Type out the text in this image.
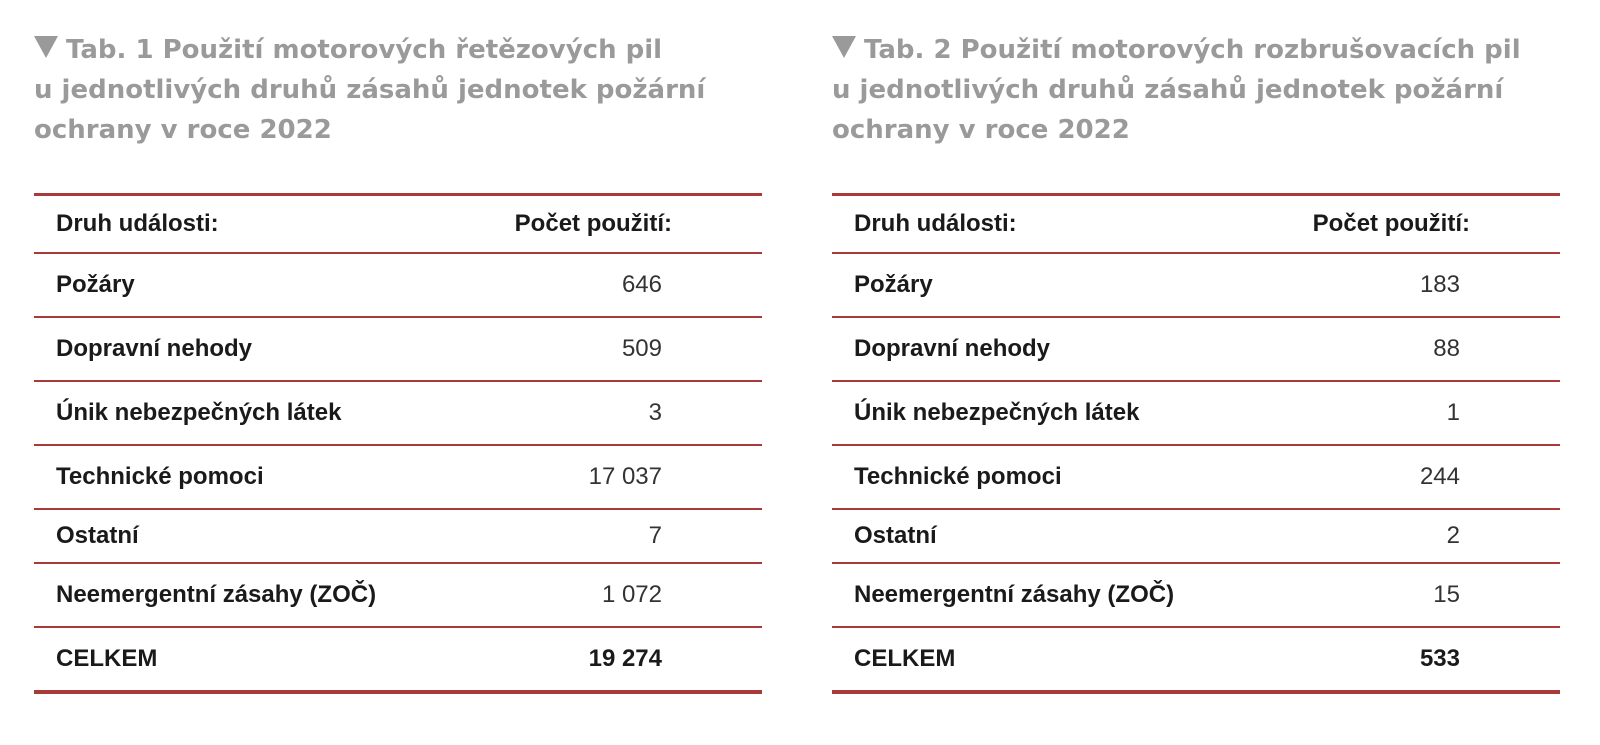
Tab. 1 Použití motorových řetězových pil
u jednotlivých druhů zásahů jednotek požární
ochrany v roce 2022
Druh události:	Počet použití:
Požáry	646
Dopravní nehody	509
Únik nebezpečných látek	3
Technické pomoci	17 037
Ostatní	7
Neemergentní zásahy (ZOČ)	1 072
CELKEM	19 274
Tab. 2 Použití motorových rozbrušovacích pil
u jednotlivých druhů zásahů jednotek požární
ochrany v roce 2022
Druh události:	Počet použití:
Požáry	183
Dopravní nehody	88
Únik nebezpečných látek	1
Technické pomoci	244
Ostatní	2
Neemergentní zásahy (ZOČ)	15
CELKEM	533
